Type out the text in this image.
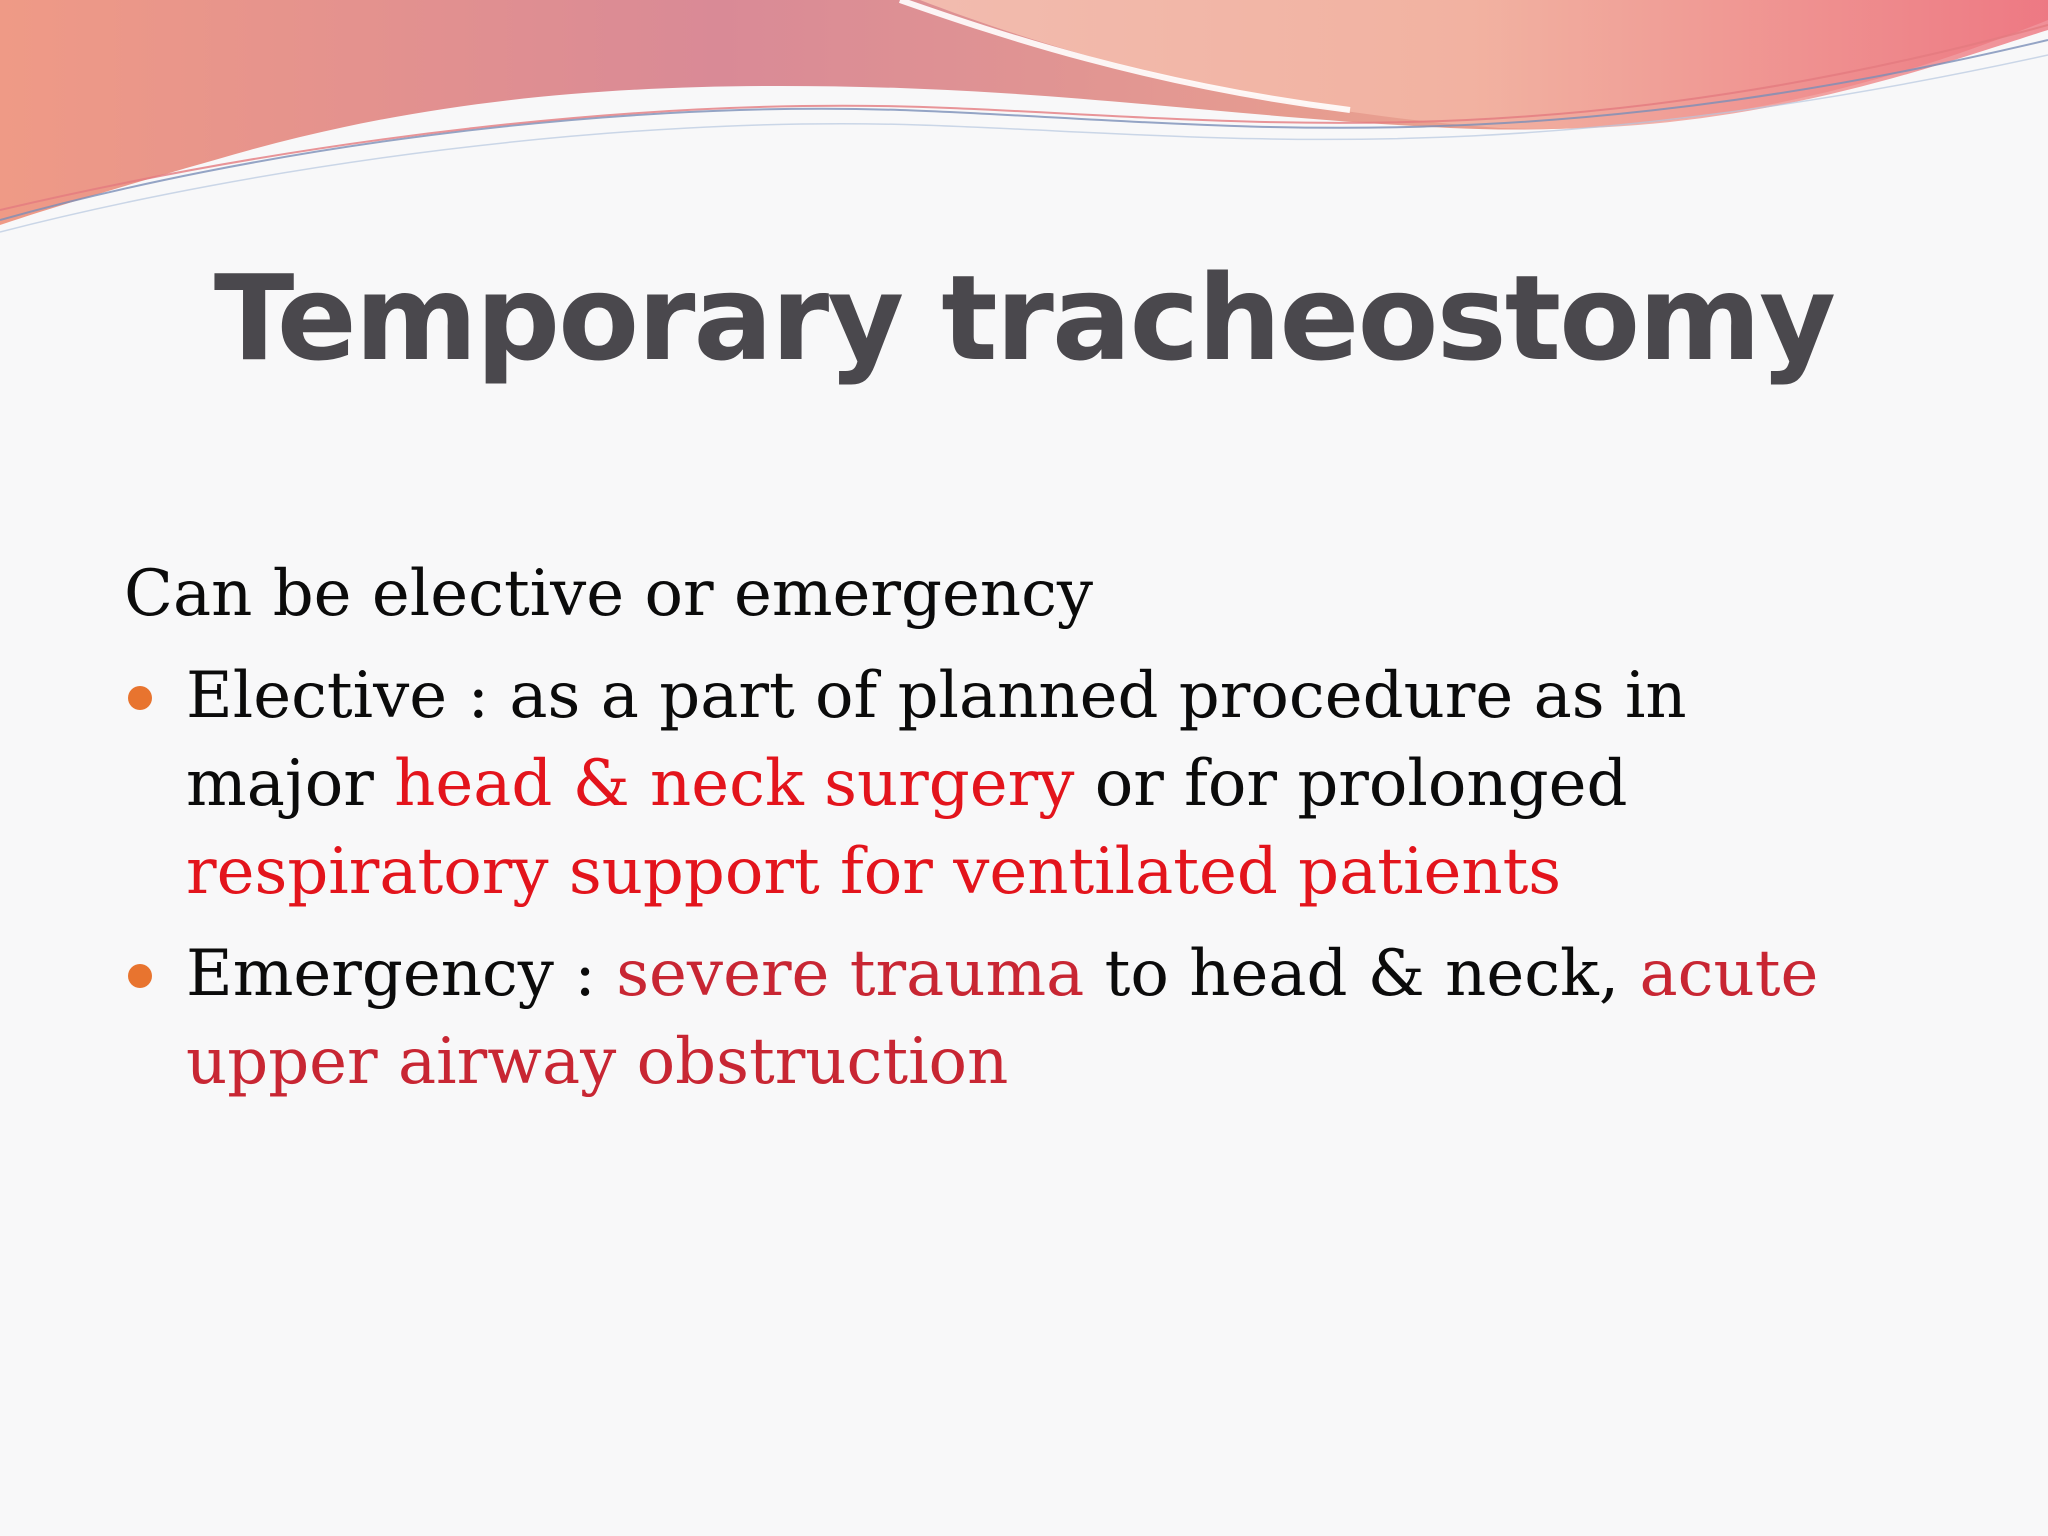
Temporary tracheostomy

Can be elective or emergency

Elective : as a part of planned procedure as in major head & neck surgery or for prolonged respiratory support for ventilated patients
Emergency : severe trauma to head & neck, acute upper airway obstruction
